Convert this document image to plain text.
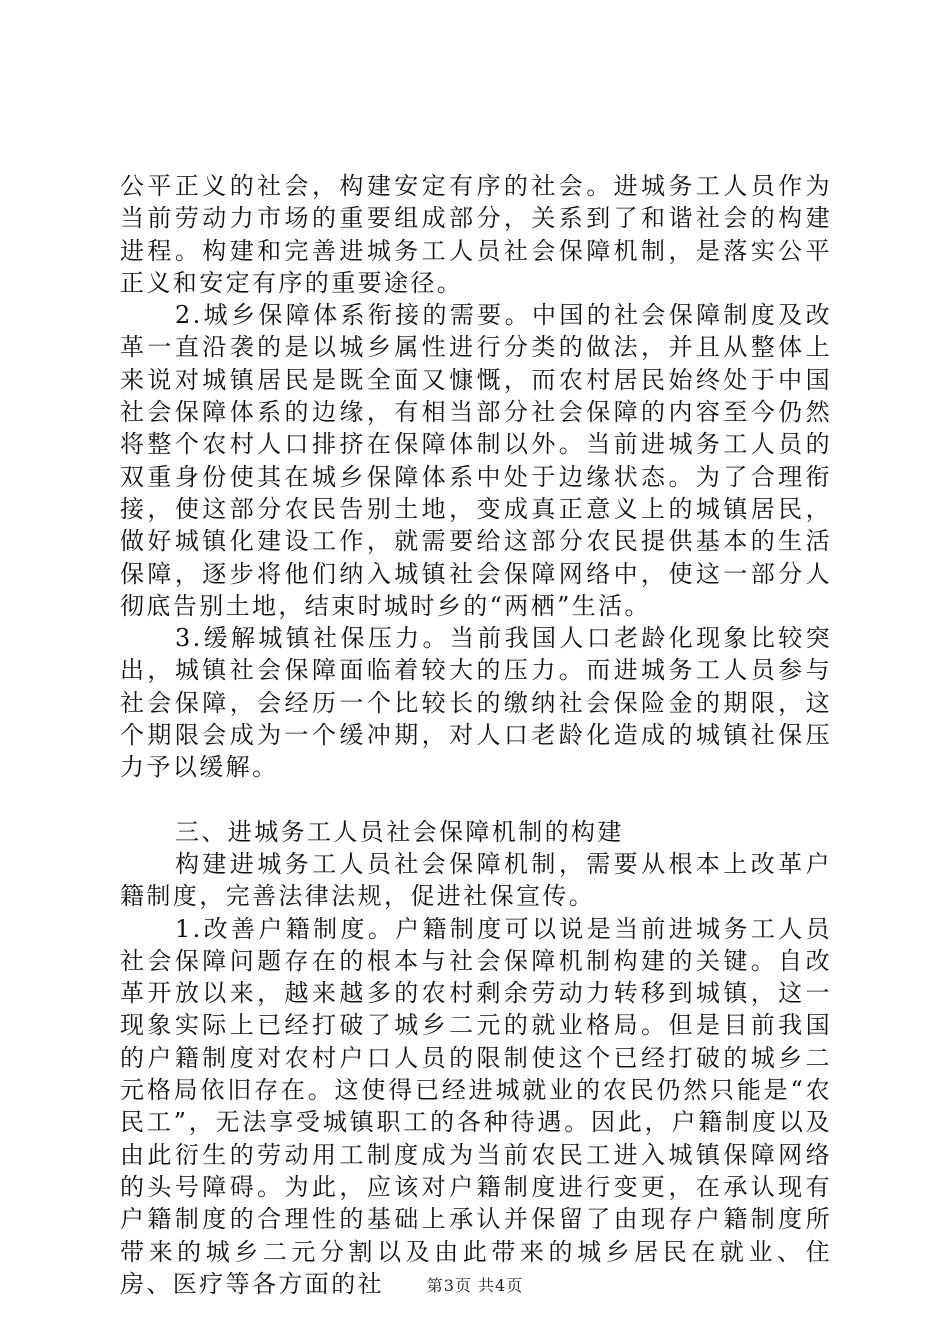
公平正义的社会，构建安定有序的社会。进城务工人员作为当前劳动力市场的重要组成部分，关系到了和谐社会的构建进程。构建和完善进城务工人员社会保障机制，是落实公平正义和安定有序的重要途径。

2.城乡保障体系衔接的需要。中国的社会保障制度及改革一直沿袭的是以城乡属性进行分类的做法，并且从整体上来说对城镇居民是既全面又慷慨，而农村居民始终处于中国社会保障体系的边缘，有相当部分社会保障的内容至今仍然将整个农村人口排挤在保障体制以外。当前进城务工人员的双重身份使其在城乡保障体系中处于边缘状态。为了合理衔接，使这部分农民告别土地，变成真正意义上的城镇居民，做好城镇化建设工作，就需要给这部分农民提供基本的生活保障，逐步将他们纳入城镇社会保障网络中，使这一部分人彻底告别土地，结束时城时乡的“两栖”生活。

3.缓解城镇社保压力。当前我国人口老龄化现象比较突出，城镇社会保障面临着较大的压力。而进城务工人员参与社会保障，会经历一个比较长的缴纳社会保险金的期限，这个期限会成为一个缓冲期，对人口老龄化造成的城镇社保压力予以缓解。

三、进城务工人员社会保障机制的构建

构建进城务工人员社会保障机制，需要从根本上改革户籍制度，完善法律法规，促进社保宣传。

1.改善户籍制度。户籍制度可以说是当前进城务工人员社会保障问题存在的根本与社会保障机制构建的关键。自改革开放以来，越来越多的农村剩余劳动力转移到城镇，这一现象实际上已经打破了城乡二元的就业格局。但是目前我国的户籍制度对农村户口人员的限制使这个已经打破的城乡二元格局依旧存在。这使得已经进城就业的农民仍然只能是“农民工”，无法享受城镇职工的各种待遇。因此，户籍制度以及由此衍生的劳动用工制度成为当前农民工进入城镇保障网络的头号障碍。为此，应该对户籍制度进行变更，在承认现有户籍制度的合理性的基础上承认并保留了由现存户籍制度所带来的城乡二元分割以及由此带来的城乡居民在就业、住房、医疗等各方面的社	第3页 共4页
